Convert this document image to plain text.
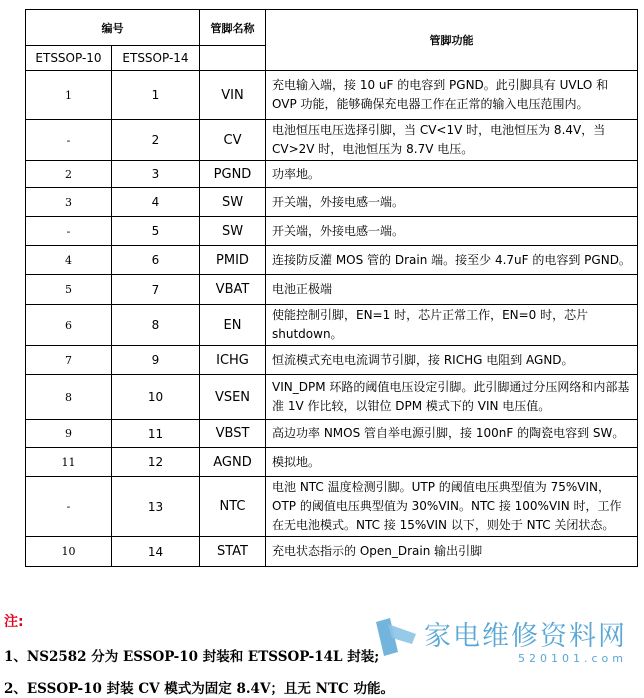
编号		管脚名称	管脚功能
ETSSOP-10	ETSSOP-14		
1	1	VIN	充电输入端，接 10 uF 的电容到 PGND。此引脚具有 UVLO 和 OVP 功能，能够确保充电器工作在正常的输入电压范围内。
-	2	CV	电池恒压电压选择引脚，当 CV<1V 时，电池恒压为 8.4V，当 CV>2V 时，电池恒压为 8.7V 电压。
2	3	PGND	功率地。
3	4	SW	开关端，外接电感一端。
-	5	SW	开关端，外接电感一端。
4	6	PMID	连接防反灌 MOS 管的 Drain 端。接至少 4.7uF 的电容到 PGND。
5	7	VBAT	电池正极端
6	8	EN	使能控制引脚，EN=1 时，芯片正常工作，EN=0 时，芯片 shutdown。
7	9	ICHG	恒流模式充电电流调节引脚，接 RICHG 电阻到 AGND。
8	10	VSEN	VIN_DPM 环路的阈值电压设定引脚。此引脚通过分压网络和内部基准 1V 作比较，以钳位 DPM 模式下的 VIN 电压值。
9	11	VBST	高边功率 NMOS 管自举电源引脚，接 100nF 的陶瓷电容到 SW。
11	12	AGND	模拟地。
-	13	NTC	电池 NTC 温度检测引脚。UTP 的阈值电压典型值为 75%VIN，OTP 的阈值电压典型值为 30%VIN。NTC 接 100%VIN 时，工作在无电池模式。NTC 接 15%VIN 以下，则处于 NTC 关闭状态。
10	14	STAT	充电状态指示的 Open_Drain 输出引脚
注:
1、NS2582 分为 ESSOP-10 封装和 ETSSOP-14L 封装;
2、ESSOP-10 封装 CV 模式为固定 8.4V；且无 NTC 功能。
家电维修资料网
520101.com
